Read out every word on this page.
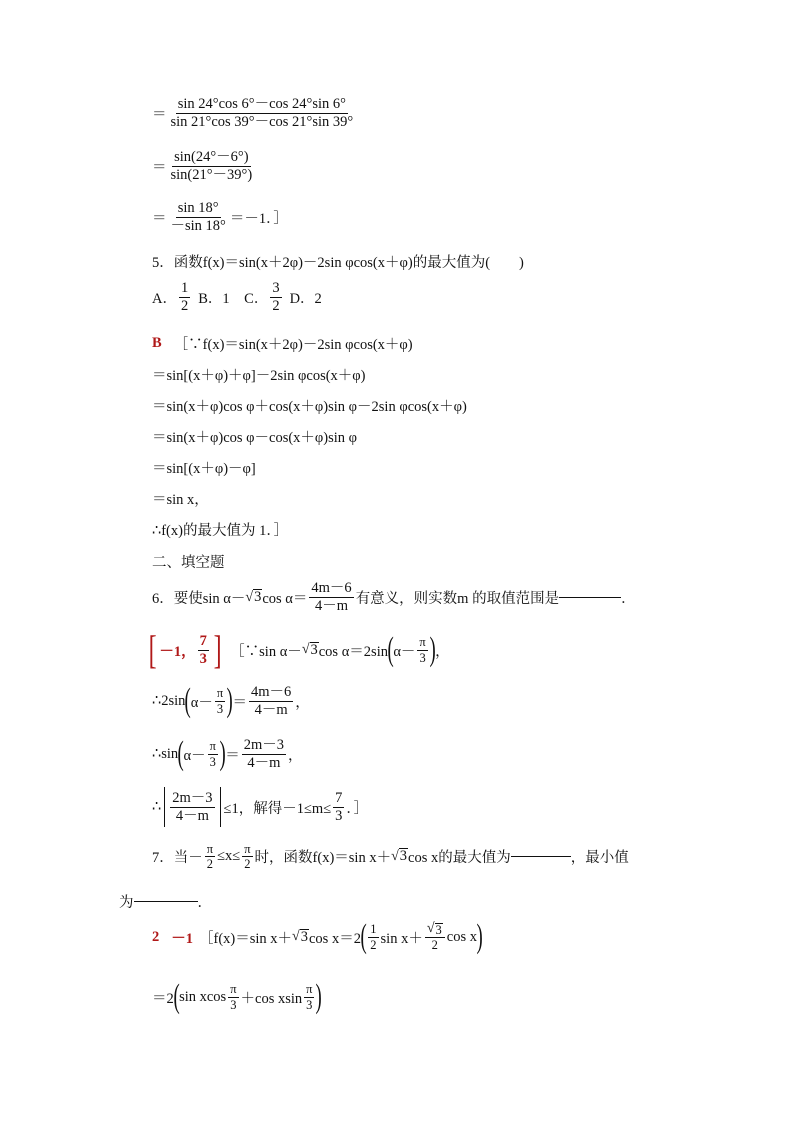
＝ $\frac{\sin 24^\circ\cos 6^\circ-\cos 24^\circ\sin 6^\circ}{\sin 21^\circ\cos 39^\circ-\cos 21^\circ\sin 39^\circ}$
＝ $\frac{\sin(24^\circ-6^\circ)}{\sin(21^\circ-39^\circ)}$
＝ $\frac{\sin 18^\circ}{-\sin 18^\circ} =-1$．］
5．函数f(x)＝sin(x＋2φ)－2sin φcos(x＋φ)的最大值为(　　)
A． $\frac{1}{2}$ B．1　C． $\frac{3}{2}$ D．2
B ［∵f(x)＝sin(x＋2φ)－2sin φcos(x＋φ)
＝sin[(x＋φ)＋φ]－2sin φcos(x＋φ)
＝sin(x＋φ)cos φ＋cos(x＋φ)sin φ－2sin φcos(x＋φ)
＝sin(x＋φ)cos φ－cos(x＋φ)sin φ
＝sin[(x＋φ)－φ]
＝sin x，
∴f(x)的最大值为 1．］
二、填空题
6．要使sin α－ √ 3 $\cos \alpha= \frac{4m-6}{4-m}$ 有意义，则实数m 的取值范围是	．
[ －1， $\frac{7}{3}$ ] ［∵sin α－ √ 3 cos α＝2sin ( $\alpha- \frac{\pi}{3}$ ) ，
∴2sin ( $\alpha- \frac{\pi}{3}$ ) ＝ $\frac{4m-6}{4-m}$ ，
∴sin ( $\alpha- \frac{\pi}{3}$ ) ＝ $\frac{2m-3}{4-m}$ ，
∴ $\frac{2m-3}{4-m} \le 1$，解得$-1\le m\le \frac{7}{3}$ ．］
7．当－ $\frac{\pi}{2} \le x\le \frac{\pi}{2}$ 时，函数f(x)＝sin x＋ √ 3 cos x的最大值为	，最小值
为	．
2 －1 ［f(x)＝sin x＋ √ 3 cos x＝2 ( $\frac{1}{2}$ $\sin x+ \frac{√ 3}{2}$ cos x )
＝2 ( sin xcos $\frac{\pi}{3} +\cos$ xsin $\frac{\pi}{3}$ )
